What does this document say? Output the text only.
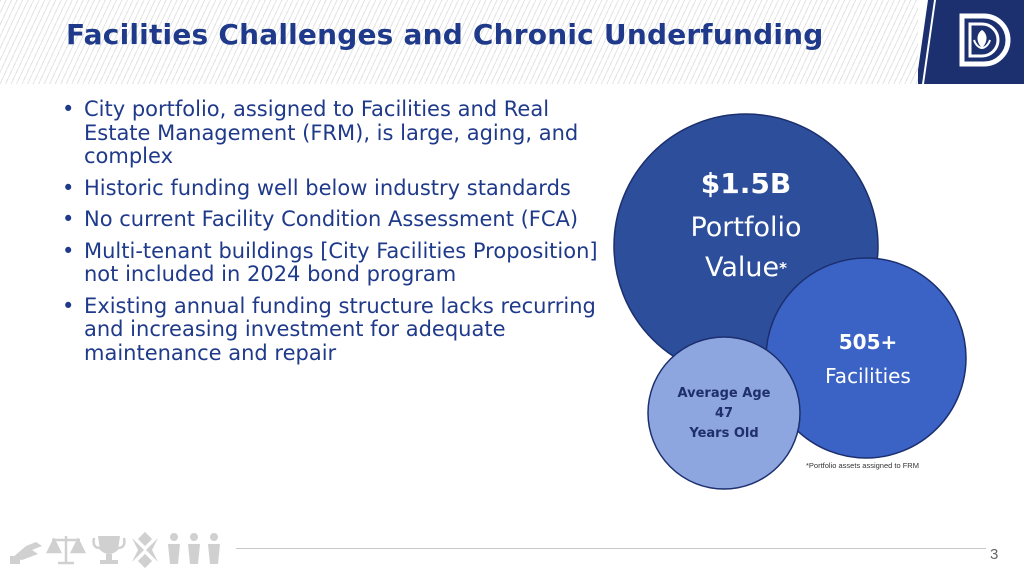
Facilities Challenges and Chronic Underfunding
• City portfolio, assigned to Facilities and Real Estate Management (FRM), is large, aging, and complex
• Historic funding well below industry standards
• No current Facility Condition Assessment (FCA)
• Multi-tenant buildings [City Facilities Proposition] not included in 2024 bond program
• Existing annual funding structure lacks recurring and increasing investment for adequate maintenance and repair
$1.5B
Portfolio
Value*
505+
Facilities
Average Age
47
Years Old
*Portfolio assets assigned to FRM
3
